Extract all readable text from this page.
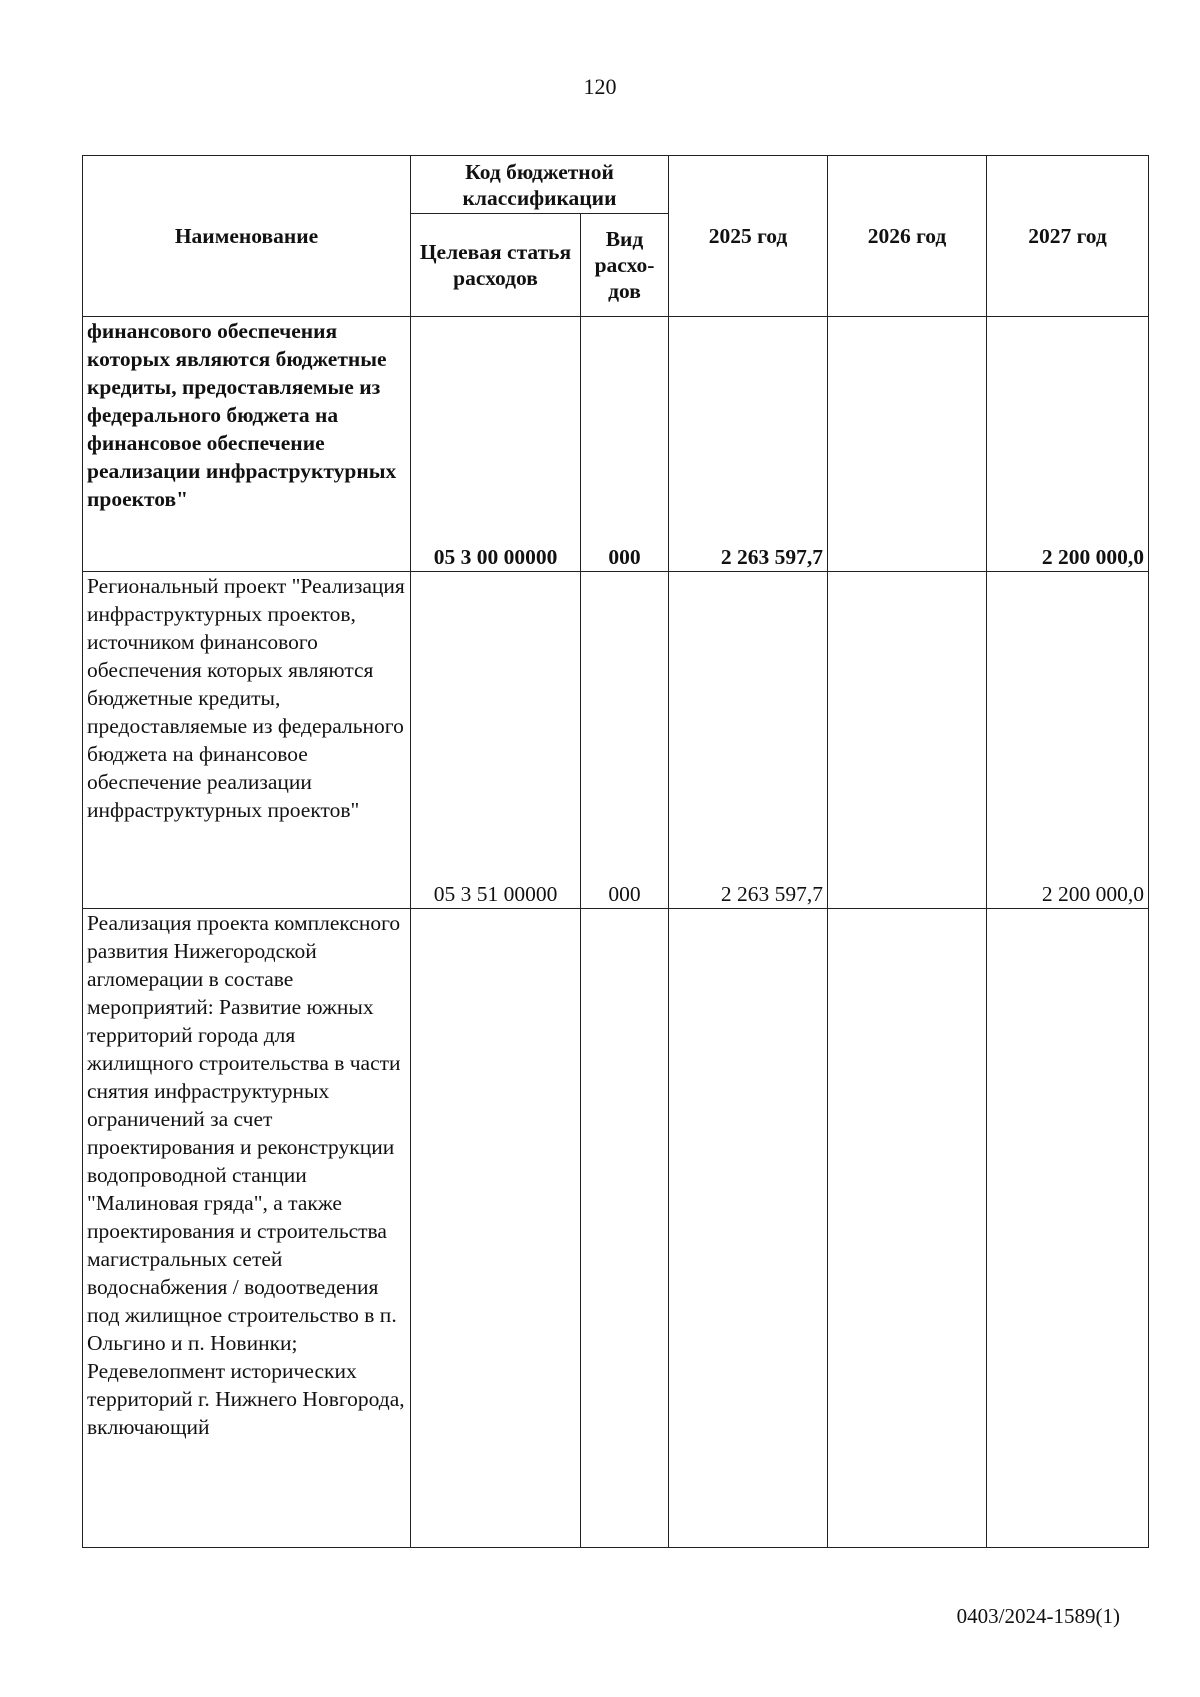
120
Наименование	Код бюджетной классификации		2025 год	2026 год	2027 год
	Целевая статья расходов	Вид расхо-дов			
финансового обеспечения которых являются бюджетные кредиты, предоставляемые из федерального бюджета на финансовое обеспечение реализации инфраструктурных проектов"	05 3 00 00000	000	2 263 597,7		2 200 000,0
Региональный проект "Реализация инфраструктурных проектов, источником финансового обеспечения которых являются бюджетные кредиты, предоставляемые из федерального бюджета на финансовое обеспечение реализации инфраструктурных проектов"	05 3 51 00000	000	2 263 597,7		2 200 000,0
Реализация проекта комплексного развития Нижегородской агломерации в составе мероприятий: Развитие южных территорий города для жилищного строительства в части снятия инфраструктурных ограничений за счет проектирования и реконструкции водопроводной станции "Малиновая гряда", а также проектирования и строительства магистральных сетей водоснабжения / водоотведения под жилищное строительство в п. Ольгино и п. Новинки; Редевелопмент исторических территорий г. Нижнего Новгорода, включающий					
0403/2024-1589(1)
